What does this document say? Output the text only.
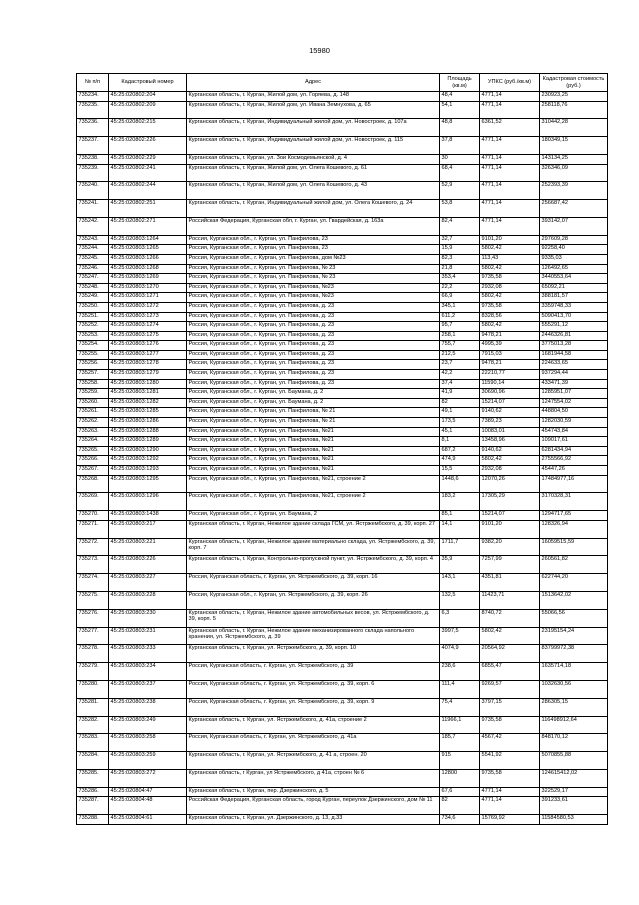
15980
№ п/п	Кадастровый номер	Адрес	Площадь (кв.м)	УПКС (руб./кв.м)	Кадастровая стоимость (руб.)
735234.	45:25:020802:204	Курганская область, г. Курган, Жилой дом, ул. Горяева, д. 148	48,4	4771,14	230923,25
735235.	45:25:020802:209	Курганская область, г. Курган, Жилой дом, ул. Ивана Земнухова, д. 65	54,1	4771,14	258118,76
735236.	45:25:020802:215	Курганская область, г. Курган, Индивидуальный жилой дом, ул. Новостроек, д. 107а	48,8	6361,52	310442,28
735237.	45:25:020802:226	Курганская область, г. Курган, Индивидуальный жилой дом, ул. Новостроек, д. 115	37,8	4771,14	180349,15
735238.	45:25:020802:229	Курганская область, г. Курган, ул. Зои Космодемьянской, д. 4	30	4771,14	143134,25
735239.	45:25:020802:241	Курганская область, г. Курган, Жилой дом, ул. Олега Кошевого, д. 61	68,4	4771,14	326346,09
735240.	45:25:020802:244	Курганская область, г. Курган, Жилой дом, ул. Олега Кошевого, д. 43	52,9	4771,14	252393,39
735241.	45:25:020802:251	Курганская область, г. Курган, Индивидуальный жилой дом, ул. Олега Кошевого, д. 24	53,8	4771,14	256687,42
735242.	45:25:020802:271	Российская Федерация, Курганская обл, г. Курган, ул. Гвардейская, д. 163а	82,4	4771,14	393142,07
735243.	45:25:020803:1264	Россия, Курганская обл., г. Курган, ул. Панфилова, 23	32,7	9101,20	297609,28
735244.	45:25:020803:1265	Россия, Курганская обл., г. Курган, ул. Панфилова, 23	15,9	5802,42	92258,40
735245.	45:25:020803:1266	Россия, Курганская обл., г. Курган, ул. Панфилова, дом №23	82,3	113,43	9335,03
735246.	45:25:020803:1268	Россия, Курганская обл., г. Курган, ул. Панфилова, № 23	21,8	5802,42	126492,65
735247.	45:25:020803:1269	Россия, Курганская обл., г. Курган, ул. Панфилова, № 23	353,4	9735,58	3440553,64
735248.	45:25:020803:1270	Россия, Курганская обл., г. Курган, ул. Панфилова, №23	22,2	2932,08	65092,21
735249.	45:25:020803:1271	Россия, Курганская обл., г. Курган, ул. Панфилова, №23	66,9	5802,42	388181,57
735250.	45:25:020803:1272	Россия, Курганская обл., г. Курган, ул. Панфилова, д. 23	345,1	9735,58	3359748,33
735251.	45:25:020803:1273	Россия, Курганская обл., г. Курган, ул. Панфилова, д. 23	611,2	8328,56	5090413,70
735252.	45:25:020803:1274	Россия, Курганская обл., г. Курган, ул. Панфилова, д. 23	95,7	5802,42	555291,12
735253.	45:25:020803:1275	Россия, Курганская обл., г. Курган, ул. Панфилова, д. 23	258,1	9478,21	2446326,81
735254.	45:25:020803:1276	Россия, Курганская обл., г. Курган, ул. Панфилова, д. 23	755,7	4995,39	3775013,28
735255.	45:25:020803:1277	Россия, Курганская обл., г. Курган, ул. Панфилова, д. 23	212,5	7915,03	1681944,58
735256.	45:25:020803:1278	Россия, Курганская обл., г. Курган, ул. Панфилова, д. 23	23,7	9478,21	224633,65
735257.	45:25:020803:1279	Россия, Курганская обл., г. Курган, ул. Панфилова, д. 23	42,2	22210,77	937294,44
735258.	45:25:020803:1280	Россия, Курганская обл., г. Курган, ул. Панфилова, д. 23	37,4	11590,14	433471,39
735259.	45:25:020803:1281	Россия, Курганская обл., г. Курган, ул. Баумана, д. 2	41,9	30690,96	1285951,07
735260.	45:25:020803:1282	Россия, Курганская обл., г. Курган, ул. Баумана, д. 2	82	15214,07	1247554,02
735261.	45:25:020803:1285	Россия, Курганская обл., г. Курган, ул. Панфилова, № 21	49,1	9140,62	448804,50
735262.	45:25:020803:1286	Россия, Курганская обл., г. Курган, ул. Панфилова, № 21	173,5	7389,23	1282030,59
735263.	45:25:020803:1288	Россия, Курганская обл., г. Курган, ул. Панфилова, №21	45,1	10083,01	454743,84
735264.	45:25:020803:1289	Россия, Курганская обл., г. Курган, ул. Панфилова, №21	8,1	13458,96	109017,61
735265.	45:25:020803:1290	Россия, Курганская обл., г. Курган, ул. Панфилова, №21	687,2	9140,62	6281434,94
735266.	45:25:020803:1292	Россия, Курганская обл., г. Курган, ул. Панфилова, №21	474,9	5802,42	2755566,92
735267.	45:25:020803:1293	Россия, Курганская обл., г. Курган, ул. Панфилова, №21	15,5	2932,08	45447,26
735268.	45:25:020803:1295	Россия, Курганская обл., г. Курган, ул. Панфилова, №21, строение 2	1448,6	12070,26	17484977,16
735269.	45:25:020803:1296	Россия, Курганская обл., г. Курган, ул. Панфилова, №21, строение 2	183,2	17305,29	3170328,31
735270.	45:25:020803:1438	Россия, Курганская обл., г. Курган, ул. Баумана, 2	85,1	15214,07	1294717,65
735271.	45:25:020803:217	Курганская область, г. Курган, Нежилое здание склада ГСМ, ул. Ястржембского, д. 39, корп. 27	14,1	9101,20	128326,94
735272.	45:25:020803:221	Курганская область, г. Курган, Нежилое здание материально складa, ул. Ястржембского, д. 39, корп. 7	1711,7	9382,20	16059515,59
735273.	45:25:020803:226	Курганская область, г. Курган, Контрольно-пропускной пункт, ул. Ястржембского, д. 39, корп. 4	35,9	7257,99	260561,82
735274.	45:25:020803:227	Россия, Курганская область, г. Курган, ул. Ястржембского, д. 39, корп. 16	143,1	4351,81	622744,20
735275.	45:25:020803:228	Россия, Курганская обл., г. Курган, ул. Ястржембского, д. 39, корп. 26	132,5	11423,71	1513642,02
735276.	45:25:020803:230	Курганская область, г. Курган, Нежилое здание автомобильных весов, ул. Ястржембского, д. 39, корп. 5	6,3	8740,72	55066,56
735277.	45:25:020803:231	Курганская область, г. Курган, Нежилое здание механизированного склада напольного хранения, ул. Ястржембского, д. 39	3997,5	5802,42	23195154,24
735278.	45:25:020803:233	Курганская область, г. Курган, ул. Ястржембского, д. 39, корп. 10	4074,9	20564,92	83799972,38
735279.	45:25:020803:234	Россия, Курганская область, г. Курган, ул. Ястржембского, д. 39	238,6	6855,47	1635714,18
735280.	45:25:020803:237	Россия, Курганская область, г. Курган, ул. Ястржембского, д. 39, корп. 6	111,4	9269,57	1032630,56
735281.	45:25:020803:238	Россия, Курганская область, г. Курган, ул. Ястржембского, д. 39, корп. 9	75,4	3797,15	286305,15
735282.	45:25:020803:249	Курганская область, г. Курган, ул. Ястржембского, д. 41а, строение 2	11966,1	9735,58	116498912,64
735283.	45:25:020803:258	Россия, Курганская область, г. Курган, ул. Ястржембского, д. 41а	185,7	4567,42	848170,12
735284.	45:25:020803:259	Курганская область, г. Курган, ул. Ястржембского, д. 41 а, строен. 20	915	5541,92	5070855,88
735285.	45:25:020803:272	Курганская область, г Курган, ул Ястржембского, д 41а, строен № 6	12800	9735,58	124615412,02
735286.	45:25:020804:47	Курганская область, г. Курган, пер. Дзержинского, д. 5	67,6	4771,14	322529,17
735287.	45:25:020804:48	Российская Федерация, Курганская область, город Курган, переулок Дзержинского, дом № 11	82	4771,14	391233,61
735288.	45:25:020804:61	Курганская область, г. Курган, ул. Дзержинского, д. 13, д.33	734,6	15769,92	11584580,53
